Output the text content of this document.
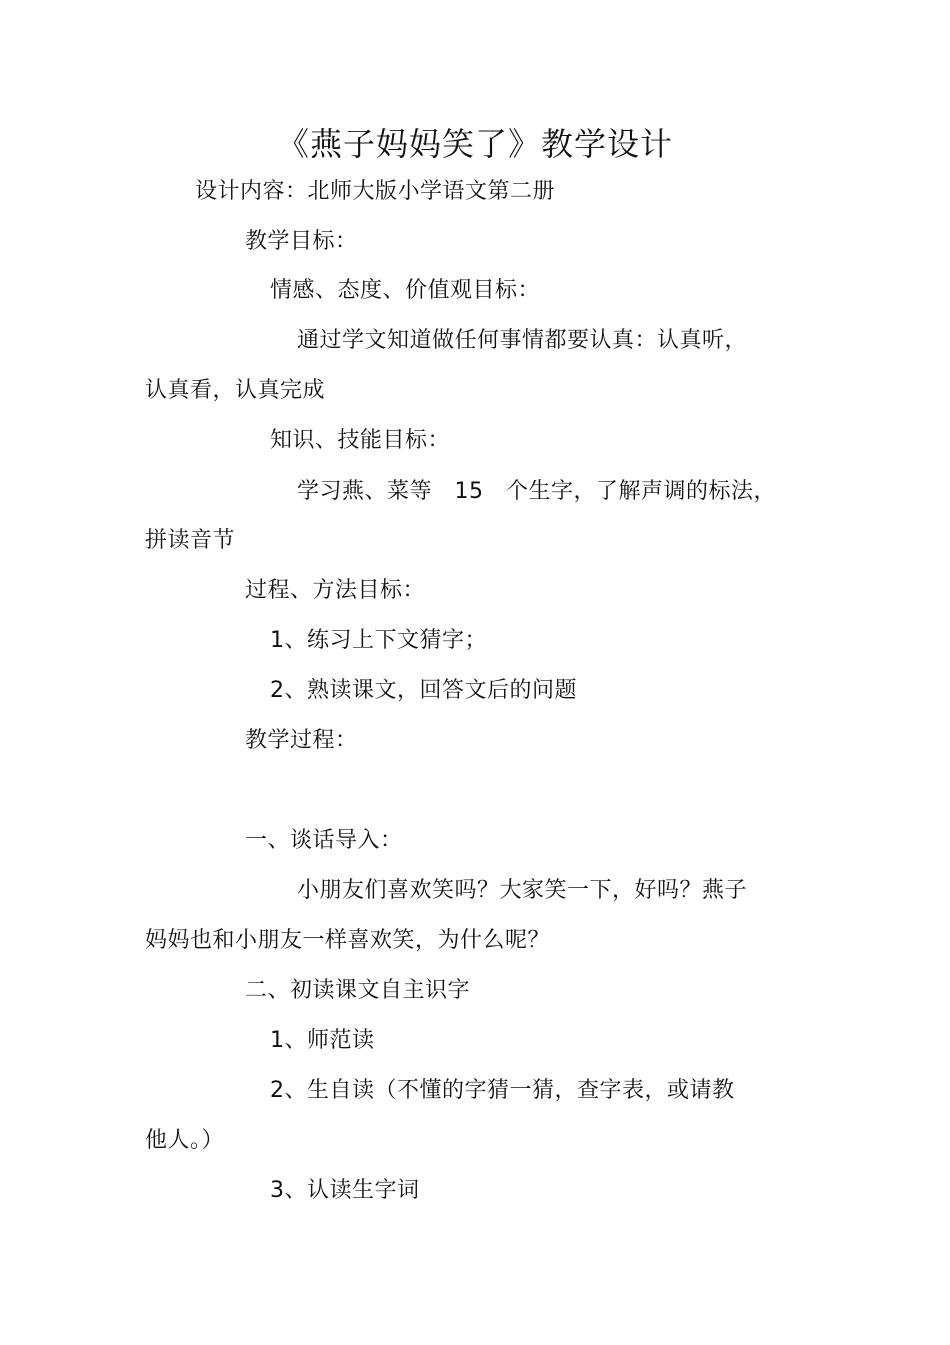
《燕子妈妈笑了》教学设计
设计内容：北师大版小学语文第二册
教学目标：
情感、态度、价值观目标：
通过学文知道做任何事情都要认真：认真听，
认真看，认真完成
知识、技能目标：
学习燕、菜等　15　个生字，了解声调的标法，
拼读音节
过程、方法目标：
1、练习上下文猜字；
2、熟读课文，回答文后的问题
教学过程：
一、谈话导入：
小朋友们喜欢笑吗？大家笑一下，好吗？燕子
妈妈也和小朋友一样喜欢笑，为什么呢？
二、初读课文自主识字
1、师范读
2、生自读（不懂的字猜一猜，查字表，或请教
他人。）
3、认读生字词
